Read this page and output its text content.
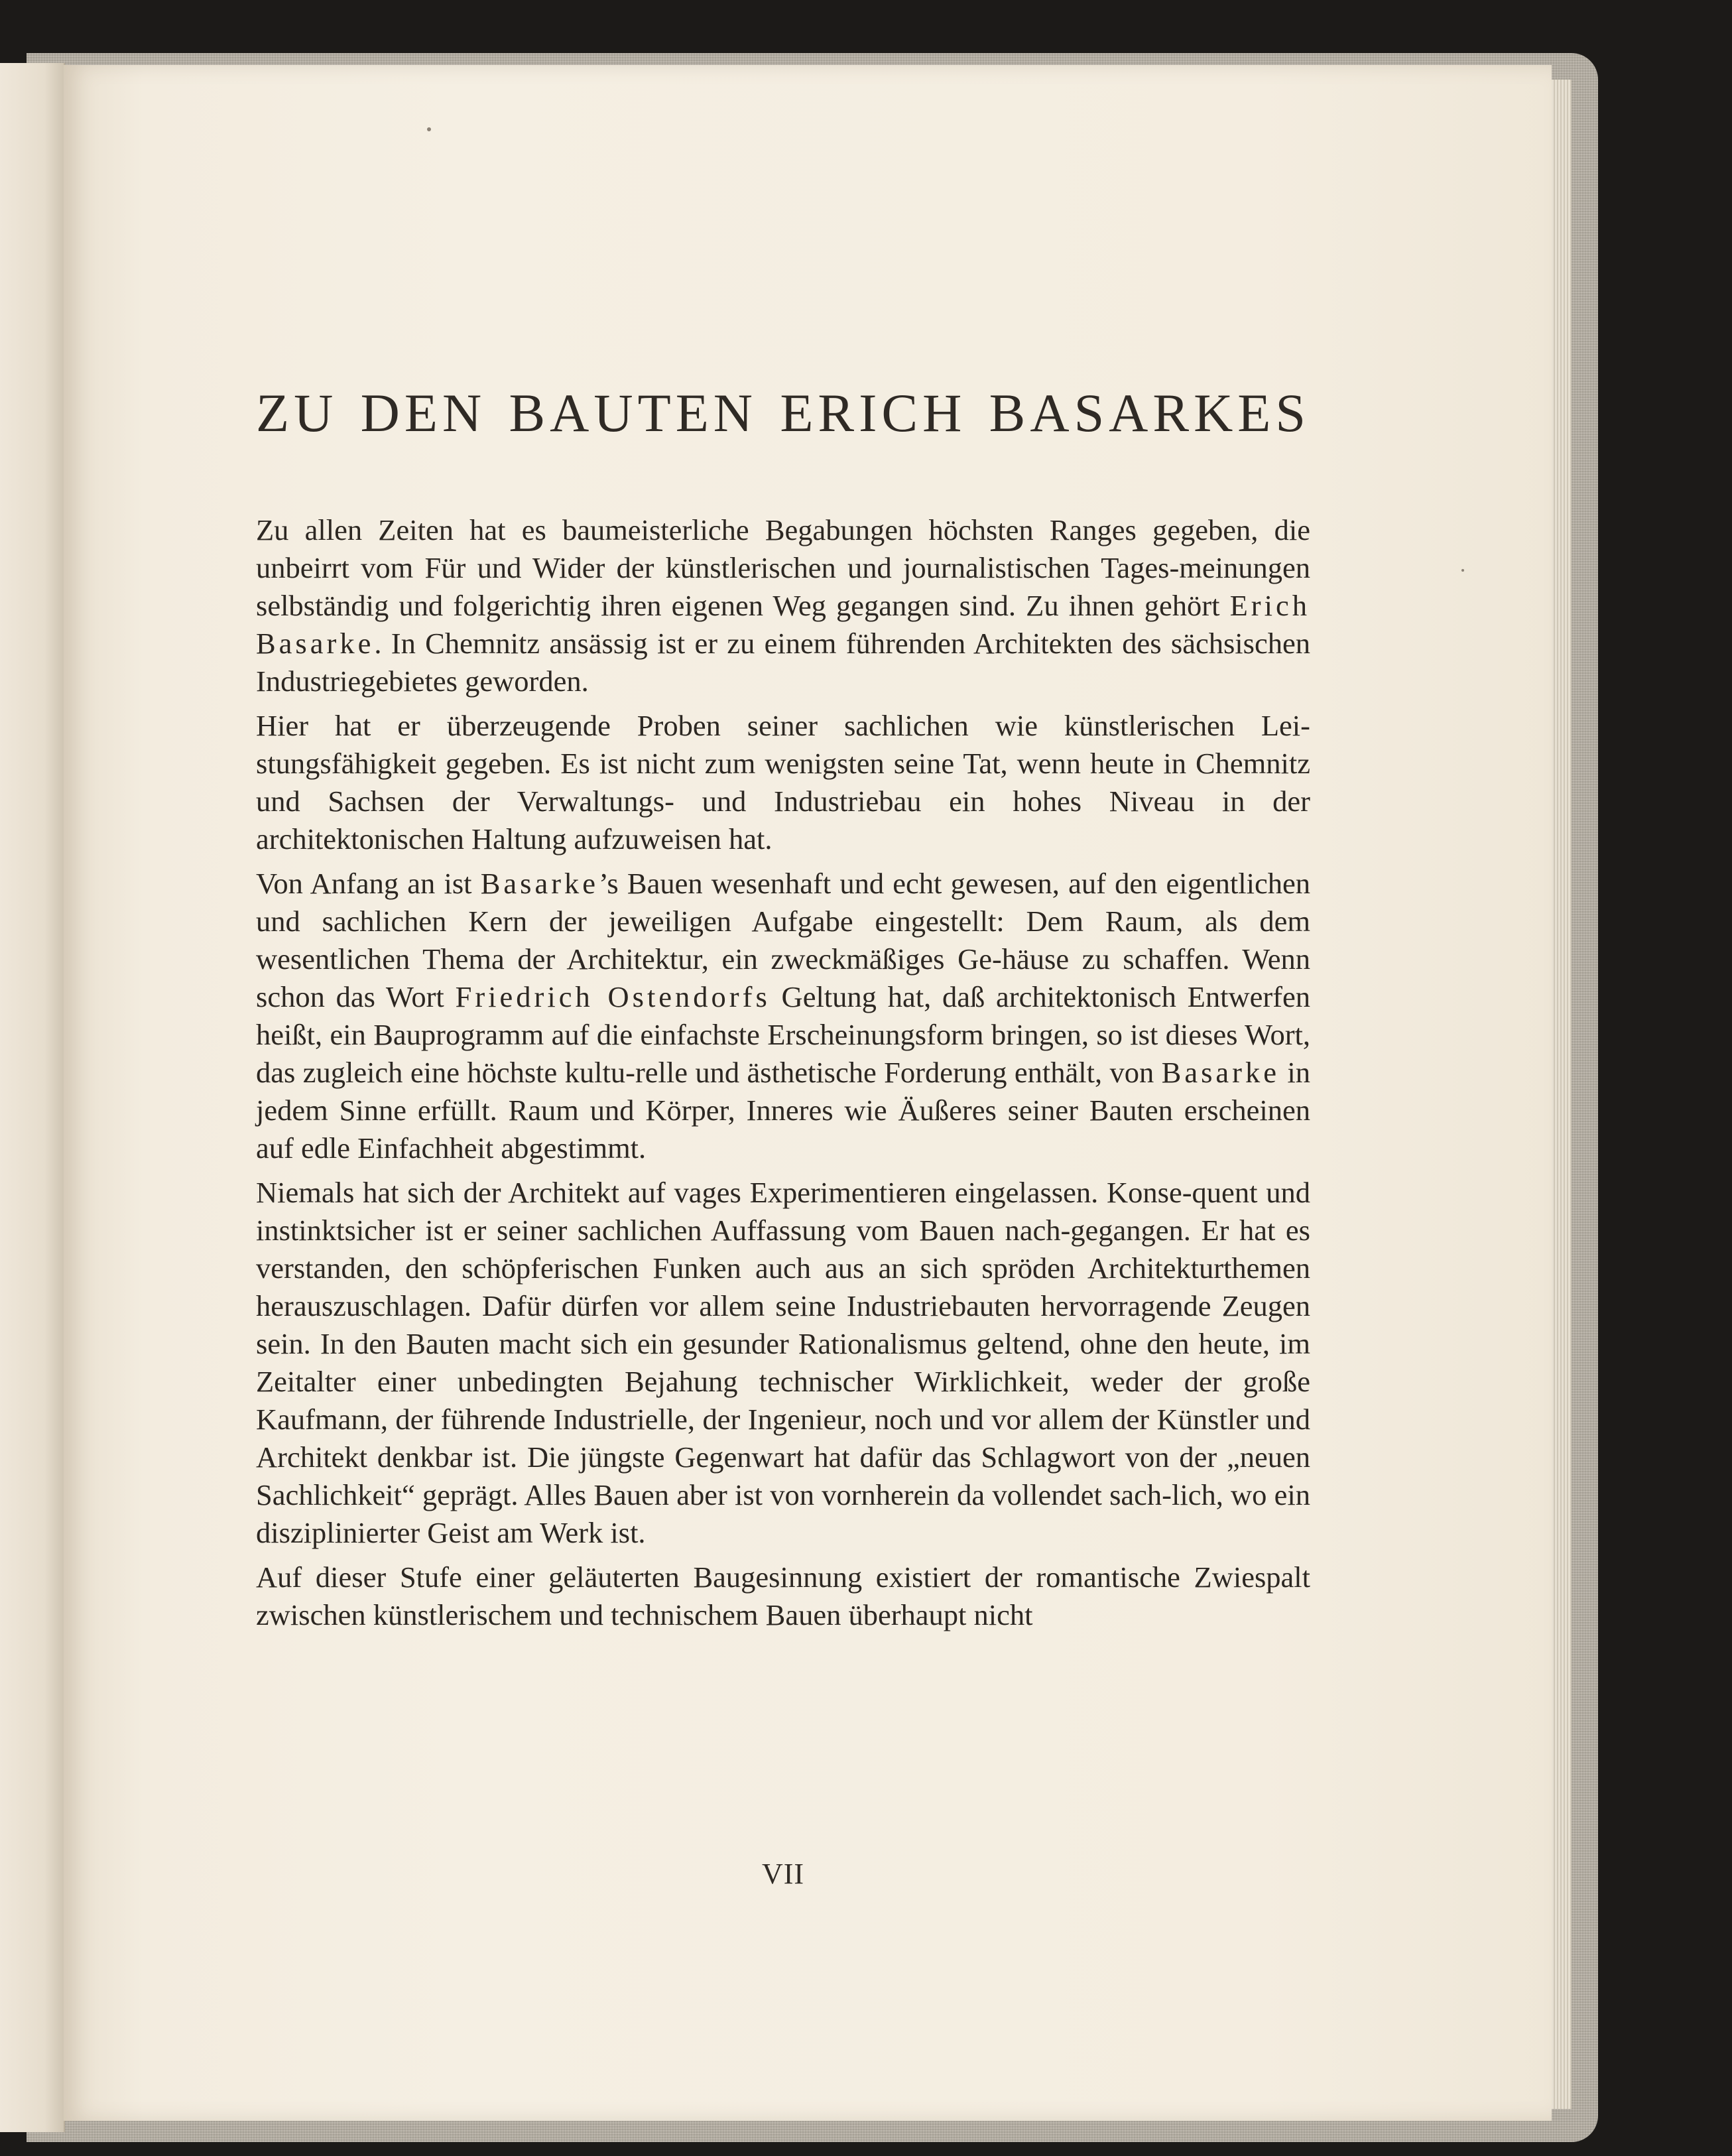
ZU DEN BAUTEN ERICH BASARKES

Zu allen Zeiten hat es baumeisterliche Begabungen höchsten Ranges gegeben, die unbeirrt vom Für und Wider der künstlerischen und journalistischen Tages-meinungen selbständig und folgerichtig ihren eigenen Weg gegangen sind. Zu ihnen gehört Erich Basarke. In Chemnitz ansässig ist er zu einem führenden Architekten des sächsischen Industriegebietes geworden.

Hier hat er überzeugende Proben seiner sachlichen wie künstlerischen Lei-stungsfähigkeit gegeben. Es ist nicht zum wenigsten seine Tat, wenn heute in Chemnitz und Sachsen der Verwaltungs- und Industriebau ein hohes Niveau in der architektonischen Haltung aufzuweisen hat.

Von Anfang an ist Basarke’s Bauen wesenhaft und echt gewesen, auf den eigentlichen und sachlichen Kern der jeweiligen Aufgabe eingestellt: Dem Raum, als dem wesentlichen Thema der Architektur, ein zweckmäßiges Ge-häuse zu schaffen. Wenn schon das Wort Friedrich Ostendorfs Geltung hat, daß architektonisch Entwerfen heißt, ein Bauprogramm auf die einfachste Erscheinungsform bringen, so ist dieses Wort, das zugleich eine höchste kultu-relle und ästhetische Forderung enthält, von Basarke in jedem Sinne erfüllt. Raum und Körper, Inneres wie Äußeres seiner Bauten erscheinen auf edle Einfachheit abgestimmt.

Niemals hat sich der Architekt auf vages Experimentieren eingelassen. Konse-quent und instinktsicher ist er seiner sachlichen Auffassung vom Bauen nach-gegangen. Er hat es verstanden, den schöpferischen Funken auch aus an sich spröden Architekturthemen herauszuschlagen. Dafür dürfen vor allem seine Industriebauten hervorragende Zeugen sein. In den Bauten macht sich ein gesunder Rationalismus geltend, ohne den heute, im Zeitalter einer unbedingten Bejahung technischer Wirklichkeit, weder der große Kaufmann, der führende Industrielle, der Ingenieur, noch und vor allem der Künstler und Architekt denkbar ist. Die jüngste Gegenwart hat dafür das Schlagwort von der „neuen Sachlichkeit“ geprägt. Alles Bauen aber ist von vornherein da vollendet sach-lich, wo ein disziplinierter Geist am Werk ist.

Auf dieser Stufe einer geläuterten Baugesinnung existiert der romantische Zwiespalt zwischen künstlerischem und technischem Bauen überhaupt nicht

VII
